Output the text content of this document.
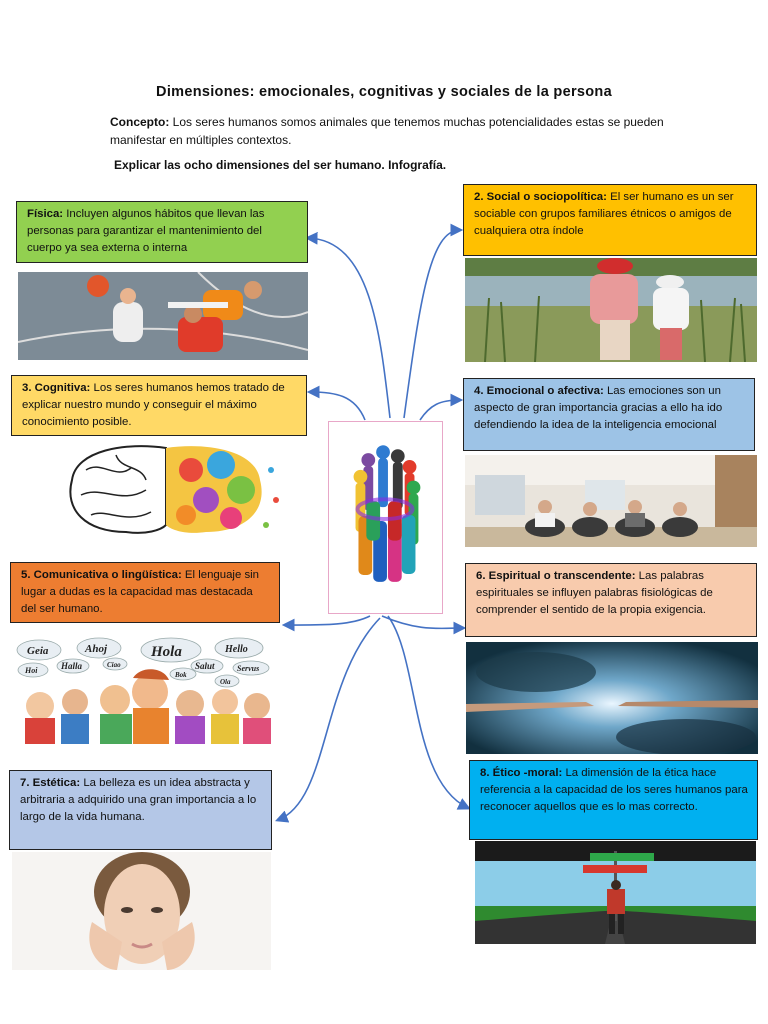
Dimensiones: emocionales, cognitivas y sociales de la persona
Concepto: Los seres humanos somos animales que tenemos muchas potencialidades estas se pueden manifestar en múltiples contextos.
Explicar las ocho dimensiones del ser humano. Infografía.
Física: Incluyen algunos hábitos que llevan las personas para garantizar el mantenimiento del cuerpo ya sea externa o interna
2. Social o sociopolítica: El ser humano es un ser sociable con grupos familiares étnicos o amigos de cualquiera otra índole
3. Cognitiva: Los seres humanos hemos tratado de explicar nuestro mundo y conseguir el máximo conocimiento posible.
4. Emocional o afectiva: Las emociones son un aspecto de gran importancia gracias a ello ha ido defendiendo la idea de la inteligencia emocional
5. Comunicativa o lingüística: El lenguaje sin lugar a dudas es la capacidad mas destacada del ser humano.
Geia	Ahoj	Hola	Hello
Hoi	Halla	Ciao	Salut	Servus
Bok
Ola
6. Espiritual o transcendente: Las palabras espirituales se influyen palabras fisiológicas de comprender el sentido de la propia exigencia.
7. Estética: La belleza es un idea abstracta y arbitraria a adquirido una gran importancia a lo largo de la vida humana.
8. Ético -moral: La dimensión de la ética hace referencia a la capacidad de los seres humanos para reconocer aquellos que es lo mas correcto.
